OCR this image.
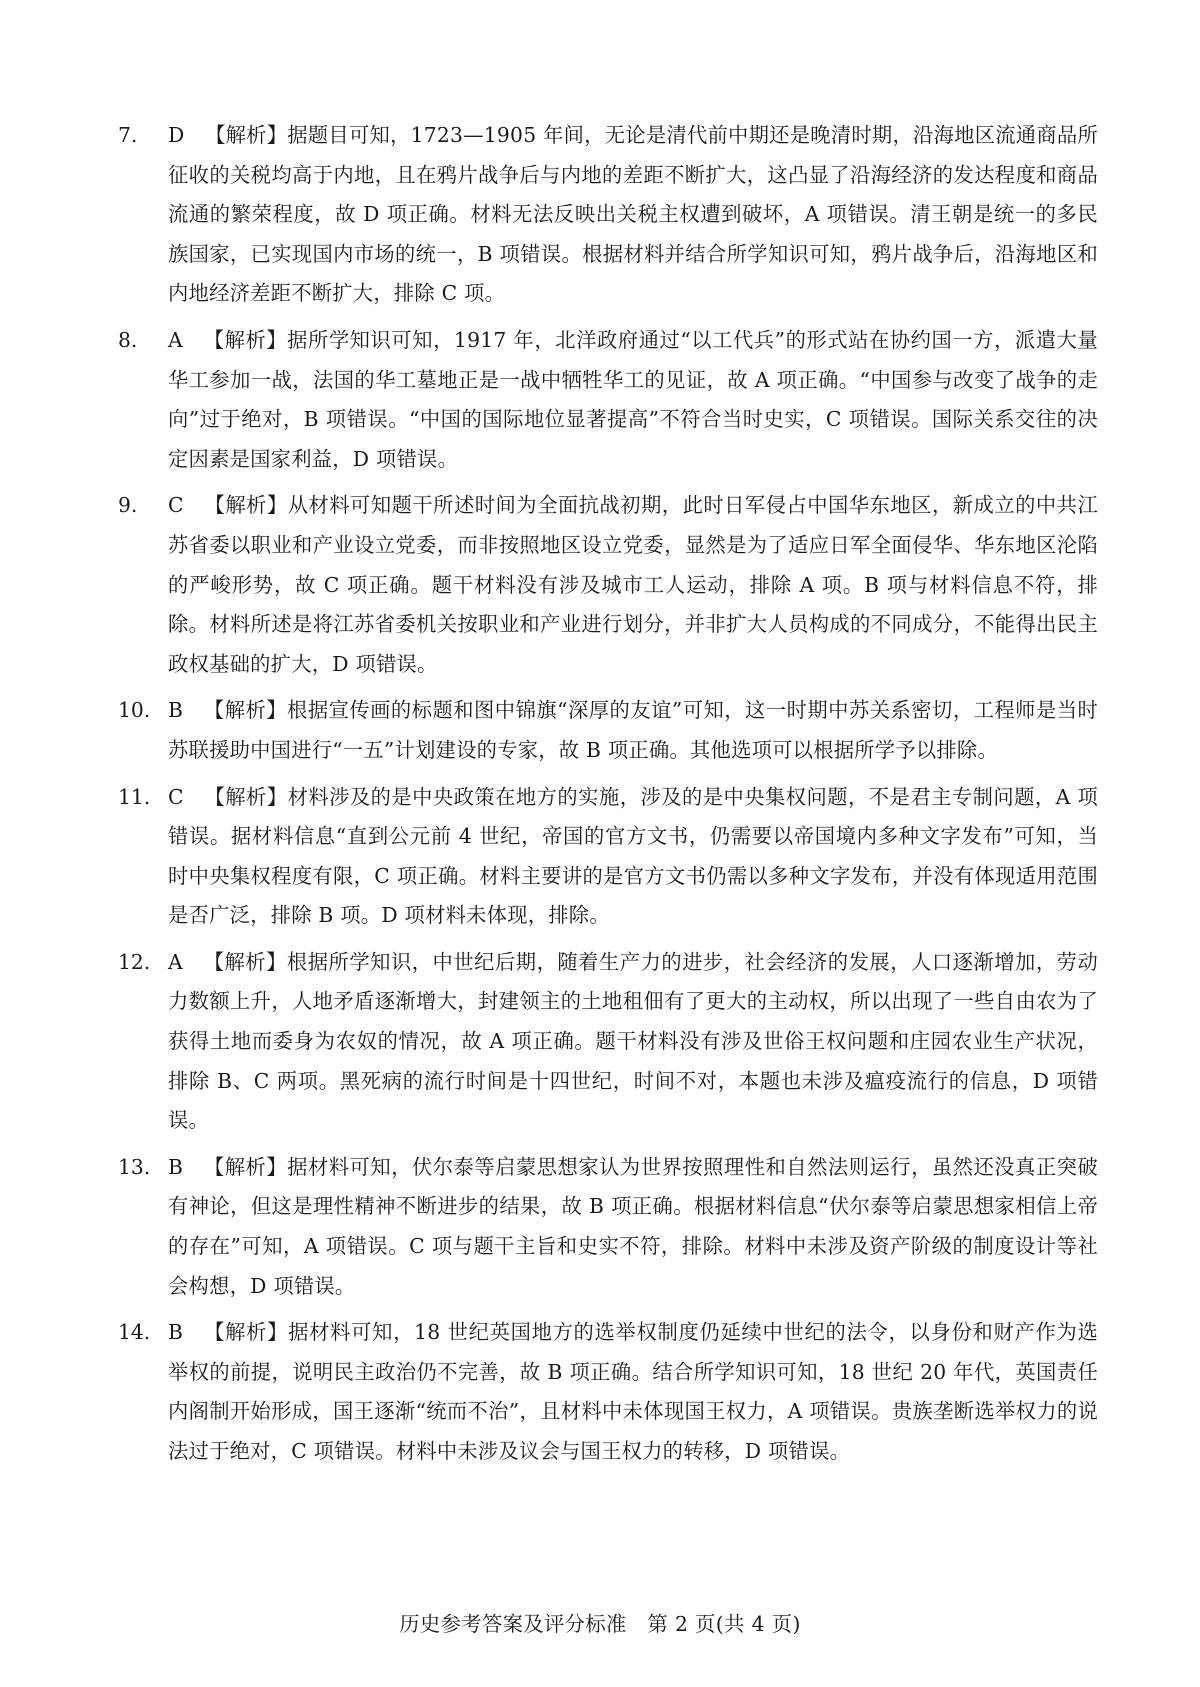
7. D 【解析】据题目可知，1723—1905 年间，无论是清代前中期还是晚清时期，沿海地区流通商品所征收的关税均高于内地，且在鸦片战争后与内地的差距不断扩大，这凸显了沿海经济的发达程度和商品流通的繁荣程度，故 D 项正确。材料无法反映出关税主权遭到破坏，A 项错误。清王朝是统一的多民族国家，已实现国内市场的统一，B 项错误。根据材料并结合所学知识可知，鸦片战争后，沿海地区和内地经济差距不断扩大，排除 C 项。

8. A 【解析】据所学知识可知，1917 年，北洋政府通过“以工代兵”的形式站在协约国一方，派遣大量华工参加一战，法国的华工墓地正是一战中牺牲华工的见证，故 A 项正确。“中国参与改变了战争的走向”过于绝对，B 项错误。“中国的国际地位显著提高”不符合当时史实，C 项错误。国际关系交往的决定因素是国家利益，D 项错误。

9. C 【解析】从材料可知题干所述时间为全面抗战初期，此时日军侵占中国华东地区，新成立的中共江苏省委以职业和产业设立党委，而非按照地区设立党委，显然是为了适应日军全面侵华、华东地区沦陷的严峻形势，故 C 项正确。题干材料没有涉及城市工人运动，排除 A 项。B 项与材料信息不符，排除。材料所述是将江苏省委机关按职业和产业进行划分，并非扩大人员构成的不同成分，不能得出民主政权基础的扩大，D 项错误。

10. B 【解析】根据宣传画的标题和图中锦旗“深厚的友谊”可知，这一时期中苏关系密切，工程师是当时苏联援助中国进行“一五”计划建设的专家，故 B 项正确。其他选项可以根据所学予以排除。

11. C 【解析】材料涉及的是中央政策在地方的实施，涉及的是中央集权问题，不是君主专制问题，A 项错误。据材料信息“直到公元前 4 世纪，帝国的官方文书，仍需要以帝国境内多种文字发布”可知，当时中央集权程度有限，C 项正确。材料主要讲的是官方文书仍需以多种文字发布，并没有体现适用范围是否广泛，排除 B 项。D 项材料未体现，排除。

12. A 【解析】根据所学知识，中世纪后期，随着生产力的进步，社会经济的发展，人口逐渐增加，劳动力数额上升，人地矛盾逐渐增大，封建领主的土地租佃有了更大的主动权，所以出现了一些自由农为了获得土地而委身为农奴的情况，故 A 项正确。题干材料没有涉及世俗王权问题和庄园农业生产状况，排除 B、C 两项。黑死病的流行时间是十四世纪，时间不对，本题也未涉及瘟疫流行的信息，D 项错误。

13. B 【解析】据材料可知，伏尔泰等启蒙思想家认为世界按照理性和自然法则运行，虽然还没真正突破有神论，但这是理性精神不断进步的结果，故 B 项正确。根据材料信息“伏尔泰等启蒙思想家相信上帝的存在”可知，A 项错误。C 项与题干主旨和史实不符，排除。材料中未涉及资产阶级的制度设计等社会构想，D 项错误。

14. B 【解析】据材料可知，18 世纪英国地方的选举权制度仍延续中世纪的法令，以身份和财产作为选举权的前提，说明民主政治仍不完善，故 B 项正确。结合所学知识可知，18 世纪 20 年代，英国责任内阁制开始形成，国王逐渐“统而不治”，且材料中未体现国王权力，A 项错误。贵族垄断选举权力的说法过于绝对，C 项错误。材料中未涉及议会与国王权力的转移，D 项错误。

历史参考答案及评分标准 第 2 页(共 4 页)
